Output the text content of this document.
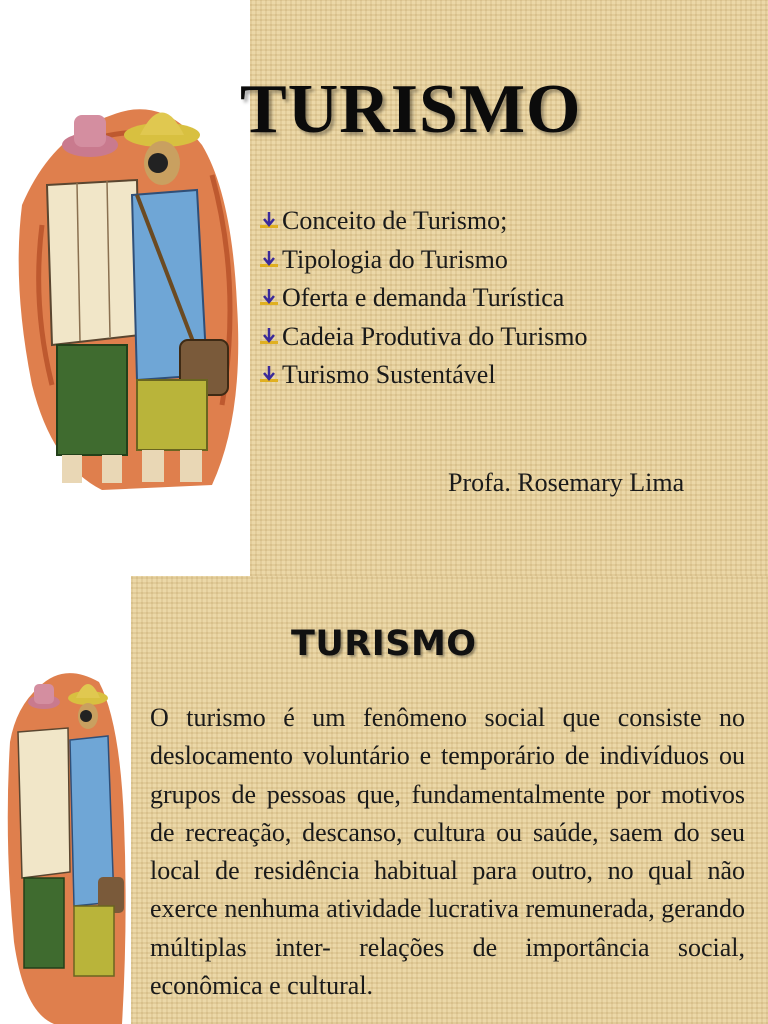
TURISMO
Conceito de Turismo;
Tipologia do Turismo
Oferta e demanda Turística
Cadeia Produtiva do Turismo
Turismo Sustentável
Profa. Rosemary Lima
TURISMO

O turismo é um fenômeno social que consiste no deslocamento voluntário e temporário de indivíduos ou grupos de pessoas que, fundamentalmente por motivos de recreação, descanso, cultura ou saúde, saem do seu local de residência habitual para outro, no qual não exerce nenhuma atividade lucrativa remunerada, gerando múltiplas inter- relações de importância social, econômica e cultural.
